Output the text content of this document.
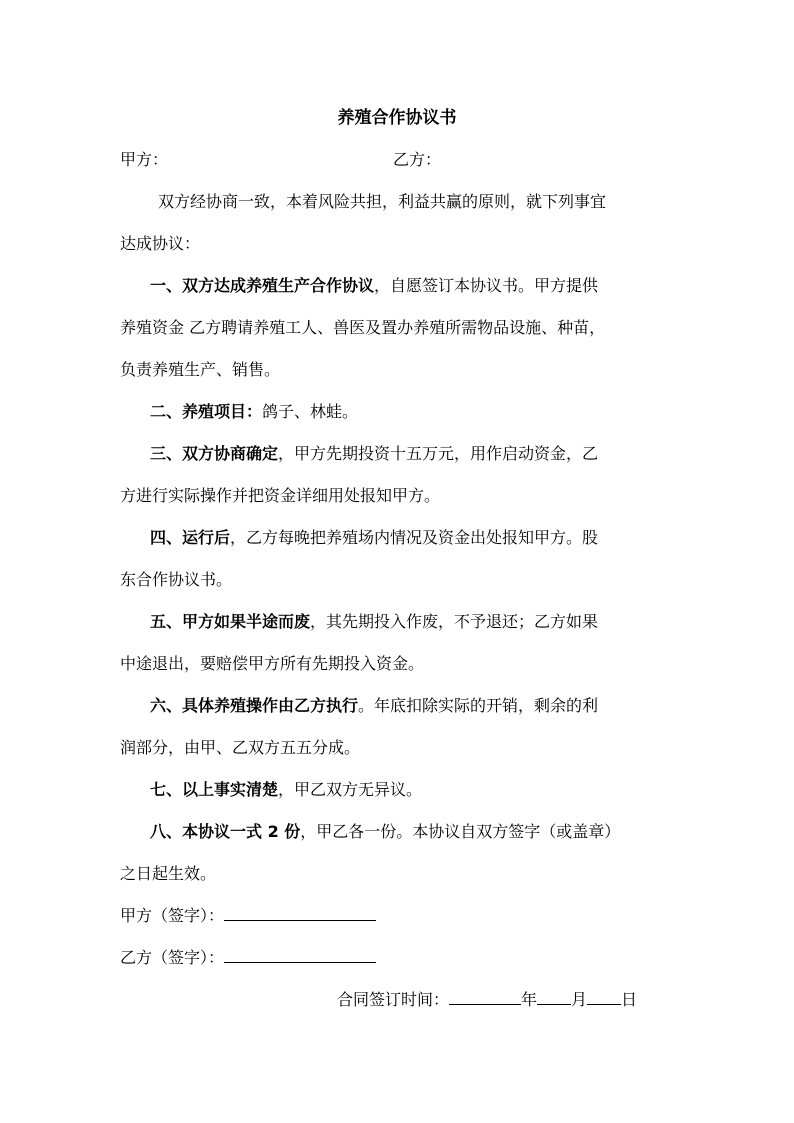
养殖合作协议书
甲方：	乙方：
双方经协商一致，本着风险共担，利益共赢的原则，就下列事宜
达成协议：
一、双方达成养殖生产合作协议，自愿签订本协议书。甲方提供
养殖资金 乙方聘请养殖工人、兽医及置办养殖所需物品设施、种苗，
负责养殖生产、销售。
二、养殖项目：鸽子、林蛙。
三、双方协商确定，甲方先期投资十五万元，用作启动资金，乙
方进行实际操作并把资金详细用处报知甲方。
四、运行后，乙方每晚把养殖场内情况及资金出处报知甲方。股
东合作协议书。
五、甲方如果半途而废，其先期投入作废，不予退还；乙方如果
中途退出，要赔偿甲方所有先期投入资金。
六、具体养殖操作由乙方执行。年底扣除实际的开销，剩余的利
润部分，由甲、乙双方五五分成。
七、以上事实清楚，甲乙双方无异议。
八、本协议一式 2 份，甲乙各一份。本协议自双方签字（或盖章）
之日起生效。
甲方（签字）：
乙方（签字）：
合同签订时间：	年 月 日
